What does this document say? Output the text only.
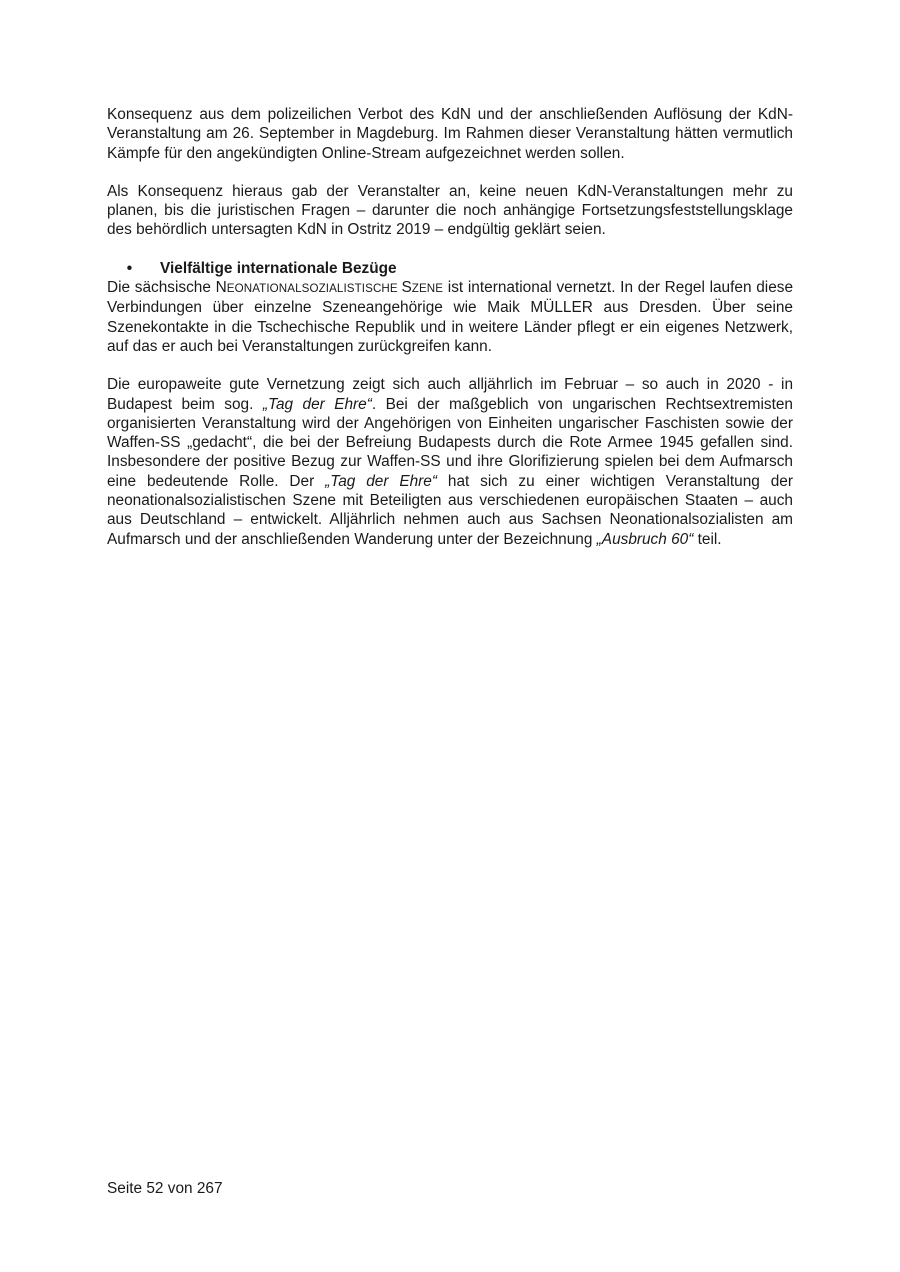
Konsequenz aus dem polizeilichen Verbot des KdN und der anschließenden Auflösung der KdN-Veranstaltung am 26. September in Magdeburg. Im Rahmen dieser Veranstaltung hätten vermutlich Kämpfe für den angekündigten Online-Stream aufgezeichnet werden sollen.

Als Konsequenz hieraus gab der Veranstalter an, keine neuen KdN-Veranstaltungen mehr zu planen, bis die juristischen Fragen – darunter die noch anhängige Fortsetzungsfeststellungsklage des behördlich untersagten KdN in Ostritz 2019 – endgültig geklärt seien.

•	Vielfältige internationale Bezüge

Die sächsische NEONATIONALSOZIALISTISCHE SZENE ist international vernetzt. In der Regel laufen diese Verbindungen über einzelne Szeneangehörige wie Maik MÜLLER aus Dresden. Über seine Szenekontakte in die Tschechische Republik und in weitere Länder pflegt er ein eigenes Netzwerk, auf das er auch bei Veranstaltungen zurückgreifen kann.

Die europaweite gute Vernetzung zeigt sich auch alljährlich im Februar – so auch in 2020 - in Budapest beim sog. „Tag der Ehre“. Bei der maßgeblich von ungarischen Rechtsextremisten organisierten Veranstaltung wird der Angehörigen von Einheiten ungarischer Faschisten sowie der Waffen-SS „gedacht“, die bei der Befreiung Budapests durch die Rote Armee 1945 gefallen sind. Insbesondere der positive Bezug zur Waffen-SS und ihre Glorifizierung spielen bei dem Aufmarsch eine bedeutende Rolle. Der „Tag der Ehre“ hat sich zu einer wichtigen Veranstaltung der neonationalsozialistischen Szene mit Beteiligten aus verschiedenen europäischen Staaten – auch aus Deutschland – entwickelt. Alljährlich nehmen auch aus Sachsen Neonationalsozialisten am Aufmarsch und der anschließenden Wanderung unter der Bezeichnung „Ausbruch 60“ teil.

Seite 52 von 267
